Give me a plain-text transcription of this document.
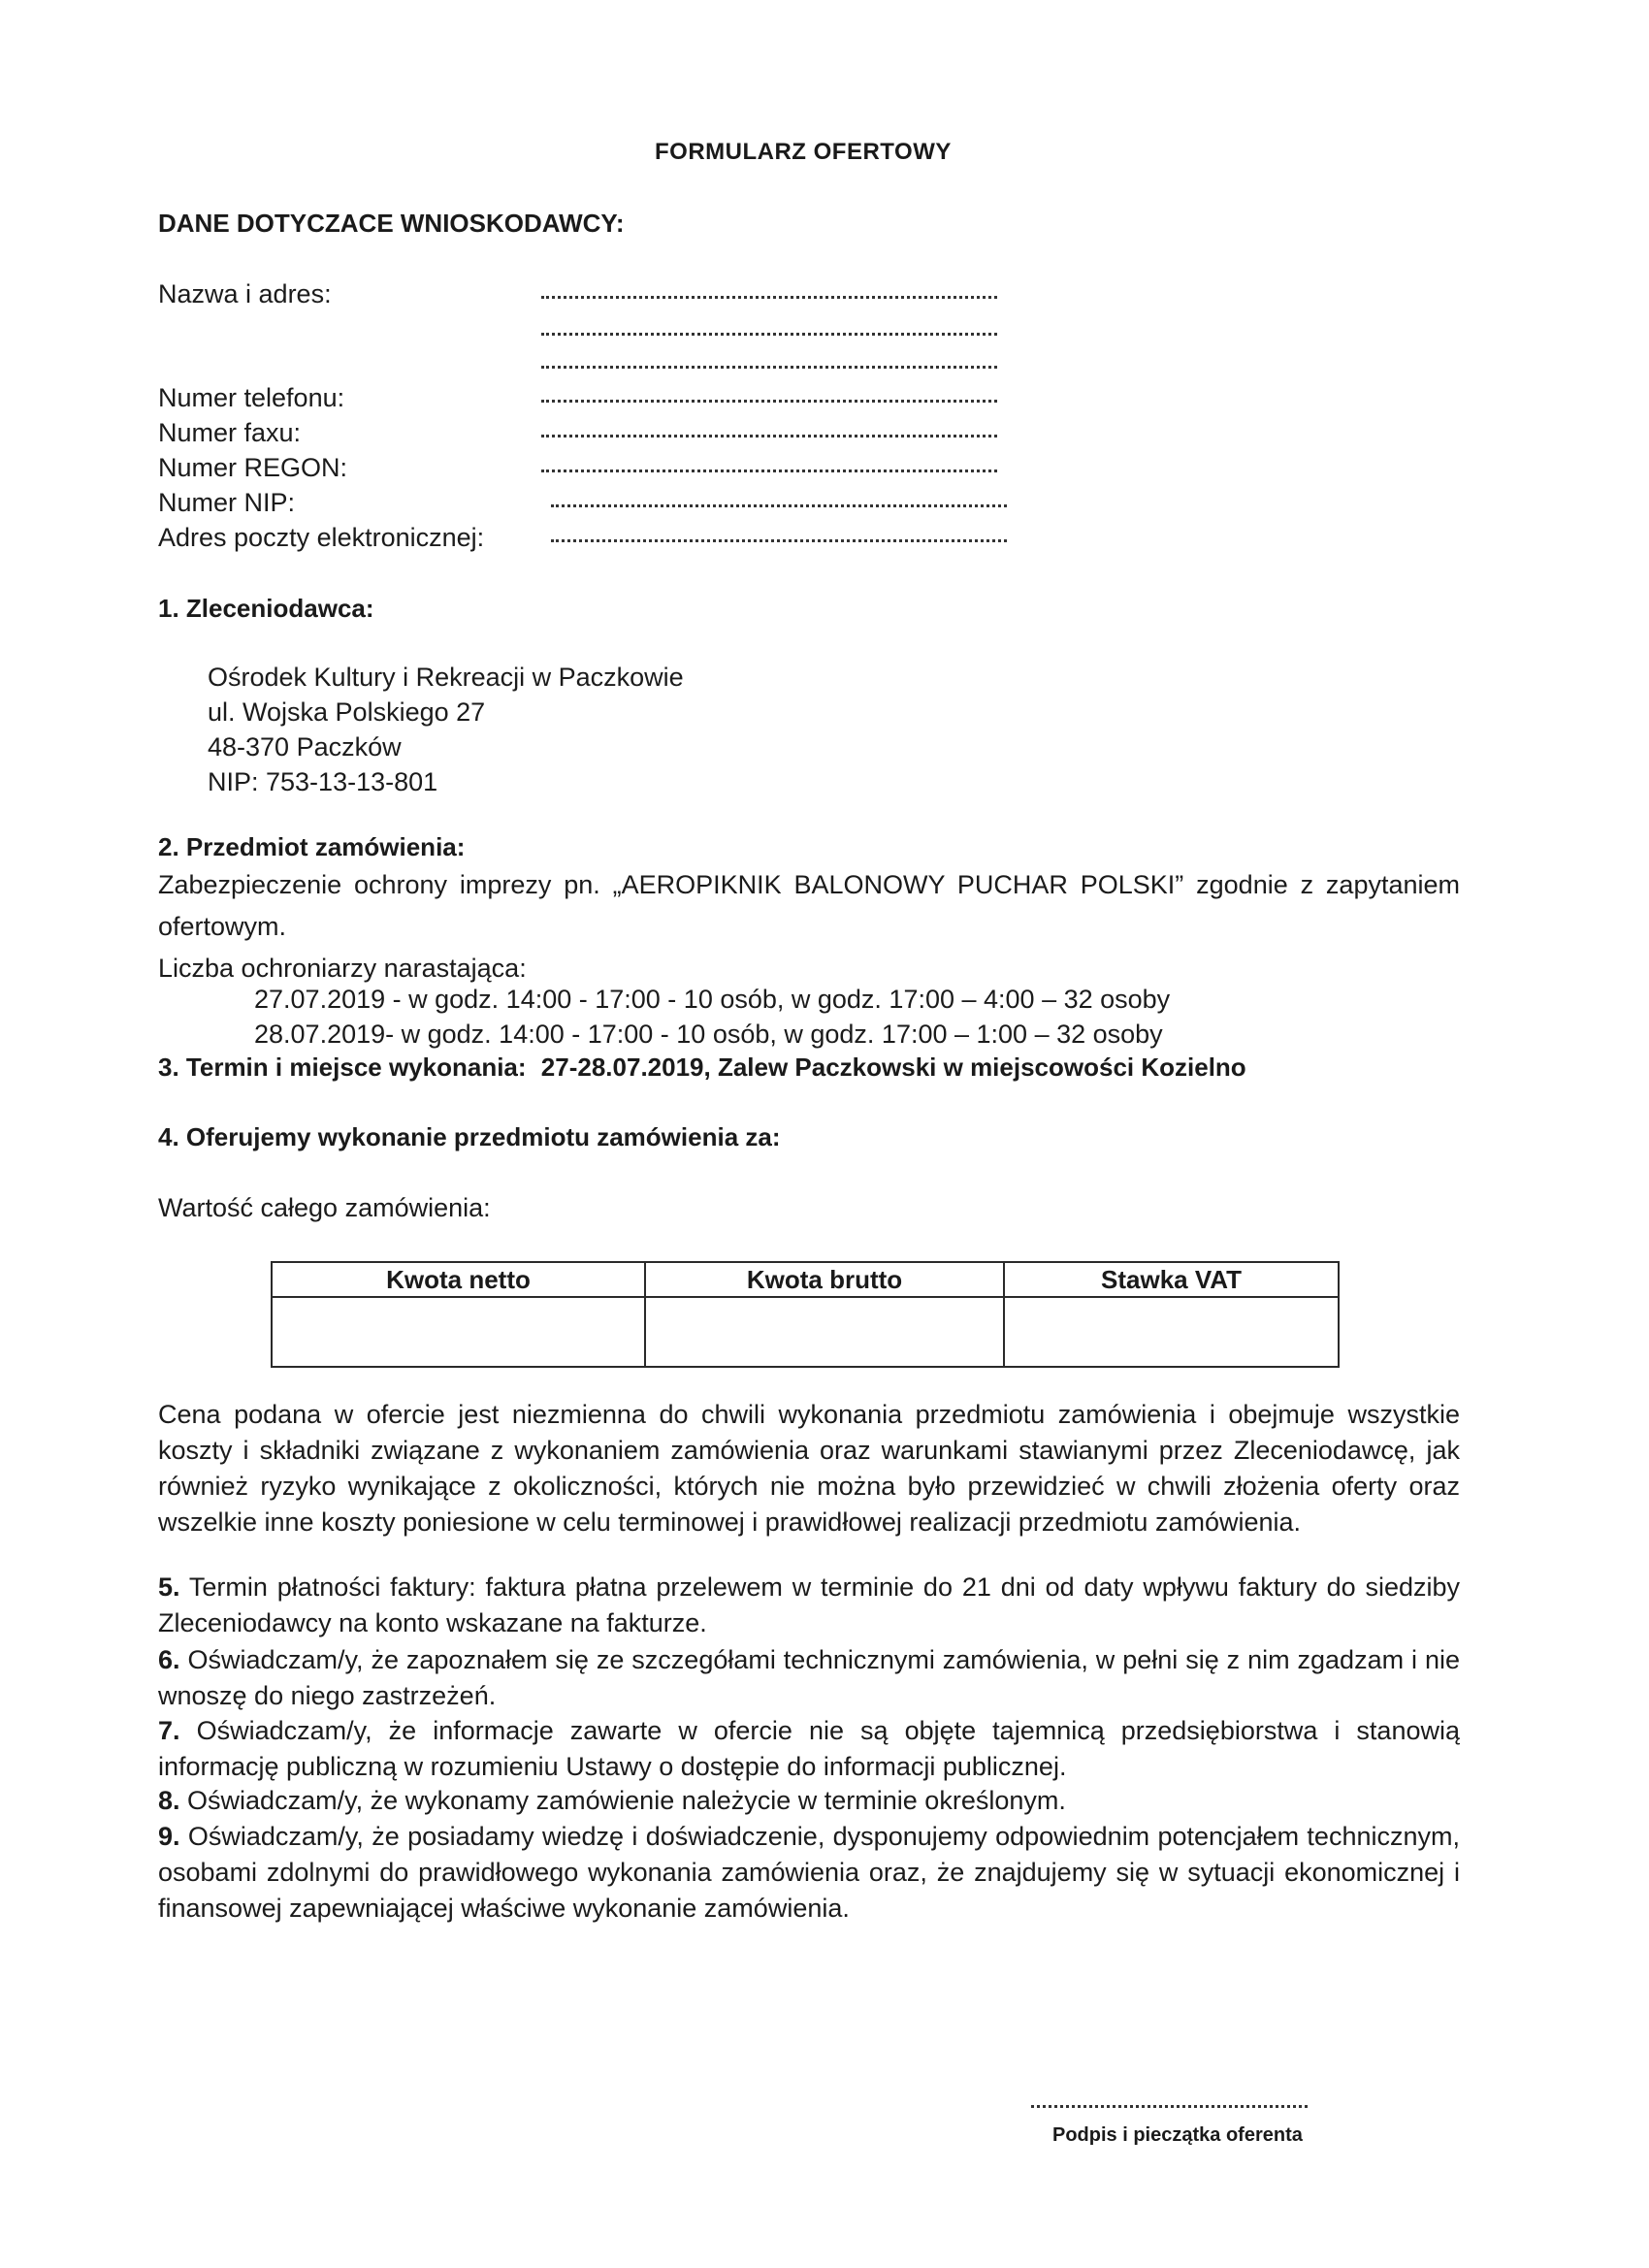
FORMULARZ OFERTOWY
DANE DOTYCZACE WNIOSKODAWCY:
Nazwa i adres:
Numer telefonu:
Numer faxu:
Numer REGON:
Numer NIP:
Adres poczty elektronicznej:
1. Zleceniodawca:
Ośrodek Kultury i Rekreacji w Paczkowie
ul. Wojska Polskiego 27
48-370 Paczków
NIP: 753-13-13-801
2. Przedmiot zamówienia:
Zabezpieczenie ochrony imprezy pn. „AEROPIKNIK BALONOWY PUCHAR POLSKI” zgodnie z zapytaniem ofertowym.
Liczba ochroniarzy narastająca:
27.07.2019 - w godz. 14:00 - 17:00 - 10 osób, w godz. 17:00 – 4:00 – 32 osoby
28.07.2019- w godz. 14:00 - 17:00 - 10 osób, w godz. 17:00 – 1:00 – 32 osoby
3. Termin i miejsce wykonania: 27-28.07.2019, Zalew Paczkowski w miejscowości Kozielno
4. Oferujemy wykonanie przedmiotu zamówienia za:
Wartość całego zamówienia:
Kwota netto	Kwota brutto	Stawka VAT

Cena podana w ofercie jest niezmienna do chwili wykonania przedmiotu zamówienia i obejmuje wszystkie koszty i składniki związane z wykonaniem zamówienia oraz warunkami stawianymi przez Zleceniodawcę, jak również ryzyko wynikające z okoliczności, których nie można było przewidzieć w chwili złożenia oferty oraz wszelkie inne koszty poniesione w celu terminowej i prawidłowej realizacji przedmiotu zamówienia.
5. Termin płatności faktury: faktura płatna przelewem w terminie do 21 dni od daty wpływu faktury do siedziby Zleceniodawcy na konto wskazane na fakturze.
6. Oświadczam/y, że zapoznałem się ze szczegółami technicznymi zamówienia, w pełni się z nim zgadzam i nie wnoszę do niego zastrzeżeń.
7. Oświadczam/y, że informacje zawarte w ofercie nie są objęte tajemnicą przedsiębiorstwa i stanowią informację publiczną w rozumieniu Ustawy o dostępie do informacji publicznej.
8. Oświadczam/y, że wykonamy zamówienie należycie w terminie określonym.
9. Oświadczam/y, że posiadamy wiedzę i doświadczenie, dysponujemy odpowiednim potencjałem technicznym, osobami zdolnymi do prawidłowego wykonania zamówienia oraz, że znajdujemy się w sytuacji ekonomicznej i finansowej zapewniającej właściwe wykonanie zamówienia.
Podpis i pieczątka oferenta
